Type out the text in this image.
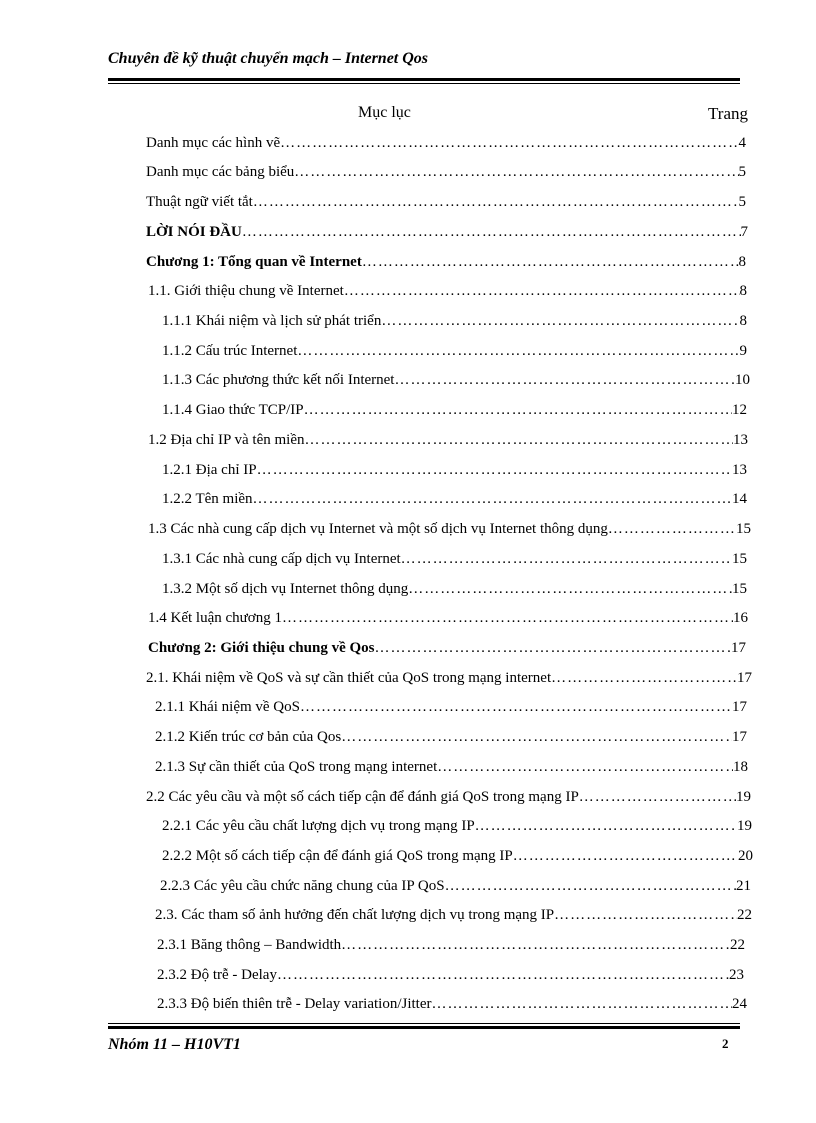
Chuyên đề kỹ thuật chuyển mạch – Internet Qos
Mục lục	Trang
Danh mục các hình vẽ ……………………………………………………………………………………………………………………………………………………………………………………	4
Danh mục các bảng biểu ……………………………………………………………………………………………………………………………………………………………………………………	5
Thuật ngữ viết tắt ……………………………………………………………………………………………………………………………………………………………………………………	5
LỜI NÓI ĐẦU ……………………………………………………………………………………………………………………………………………………………………………………	7
Chương 1: Tổng quan về Internet ……………………………………………………………………………………………………………………………………………………………………………………	8
1.1. Giới thiệu chung về Internet ……………………………………………………………………………………………………………………………………………………………………………………	8
1.1.1 Khái niệm và lịch sử phát triển ……………………………………………………………………………………………………………………………………………………………………………………	8
1.1.2 Cấu trúc Internet ……………………………………………………………………………………………………………………………………………………………………………………	9
1.1.3 Các phương thức kết nối Internet ……………………………………………………………………………………………………………………………………………………………………………………	10
1.1.4 Giao thức TCP/IP ……………………………………………………………………………………………………………………………………………………………………………………	12
1.2 Địa chỉ IP và tên miền ……………………………………………………………………………………………………………………………………………………………………………………	13
1.2.1 Địa chỉ IP ……………………………………………………………………………………………………………………………………………………………………………………	13
1.2.2 Tên miền ……………………………………………………………………………………………………………………………………………………………………………………	14
1.3 Các nhà cung cấp dịch vụ Internet và một số dịch vụ Internet thông dụng ……………………………………………………………………………………………………………………………………………………………………………………	15
1.3.1 Các nhà cung cấp dịch vụ Internet ……………………………………………………………………………………………………………………………………………………………………………………	15
1.3.2 Một số dịch vụ Internet thông dụng ……………………………………………………………………………………………………………………………………………………………………………………	15
1.4 Kết luận chương 1 ……………………………………………………………………………………………………………………………………………………………………………………	16
Chương 2: Giới thiệu chung về Qos ……………………………………………………………………………………………………………………………………………………………………………………	17
2.1. Khái niệm về QoS và sự cần thiết của QoS trong mạng internet ……………………………………………………………………………………………………………………………………………………………………………………	17
2.1.1 Khái niệm về QoS ……………………………………………………………………………………………………………………………………………………………………………………	17
2.1.2 Kiến trúc cơ bản của Qos ……………………………………………………………………………………………………………………………………………………………………………………	17
2.1.3 Sự cần thiết của QoS trong mạng internet ……………………………………………………………………………………………………………………………………………………………………………………	18
2.2 Các yêu cầu và một số cách tiếp cận để đánh giá QoS trong mạng IP ……………………………………………………………………………………………………………………………………………………………………………………	19
2.2.1 Các yêu cầu chất lượng dịch vụ trong mạng IP ……………………………………………………………………………………………………………………………………………………………………………………	19
2.2.2 Một số cách tiếp cận để đánh giá QoS trong mạng IP ……………………………………………………………………………………………………………………………………………………………………………………	20
2.2.3 Các yêu cầu chức năng chung của IP QoS ……………………………………………………………………………………………………………………………………………………………………………………	21
2.3. Các tham số ảnh hưởng đến chất lượng dịch vụ trong mạng IP ……………………………………………………………………………………………………………………………………………………………………………………	22
2.3.1 Băng thông – Bandwidth ……………………………………………………………………………………………………………………………………………………………………………………	22
2.3.2 Độ trễ - Delay ……………………………………………………………………………………………………………………………………………………………………………………	23
2.3.3 Độ biến thiên trễ - Delay variation/Jitter ……………………………………………………………………………………………………………………………………………………………………………………	24
Nhóm 11 – H10VT1	2
